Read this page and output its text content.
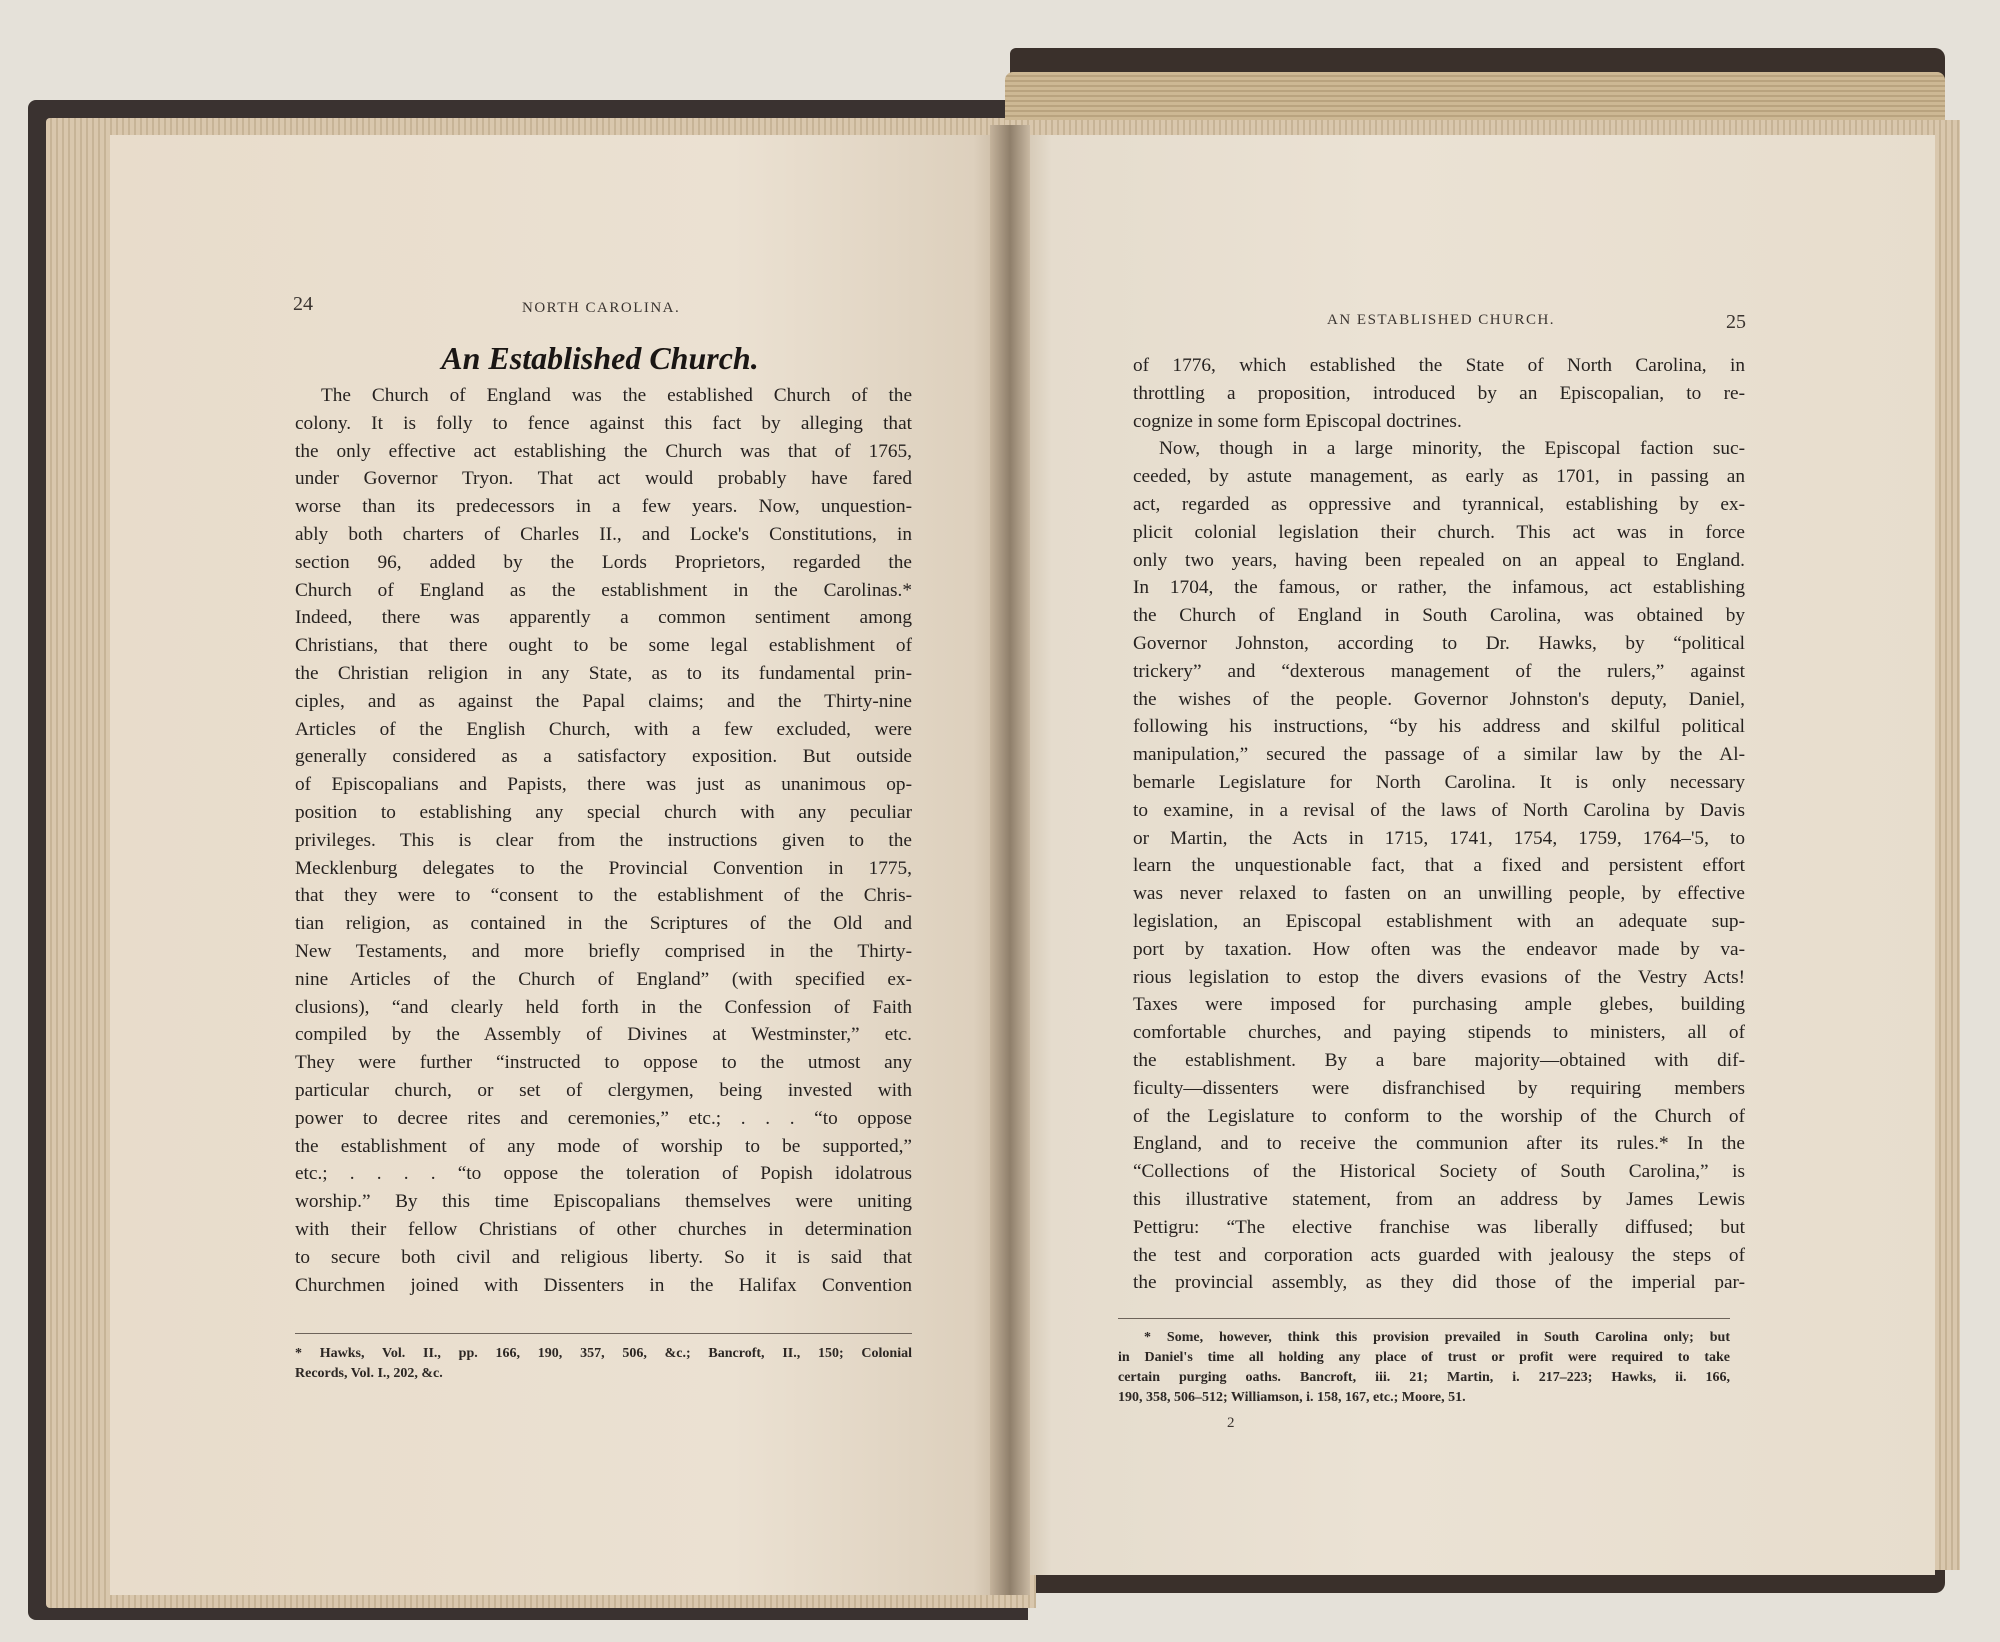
24	NORTH CAROLINA.
An Established Church.
The Church of England was the established Church of the
colony. It is folly to fence against this fact by alleging that
the only effective act establishing the Church was that of 1765,
under Governor Tryon. That act would probably have fared
worse than its predecessors in a few years. Now, unquestion-
ably both charters of Charles II., and Locke's Constitutions, in
section 96, added by the Lords Proprietors, regarded the
Church of England as the establishment in the Carolinas.*
Indeed, there was apparently a common sentiment among
Christians, that there ought to be some legal establishment of
the Christian religion in any State, as to its fundamental prin-
ciples, and as against the Papal claims; and the Thirty-nine
Articles of the English Church, with a few excluded, were
generally considered as a satisfactory exposition. But outside
of Episcopalians and Papists, there was just as unanimous op-
position to establishing any special church with any peculiar
privileges. This is clear from the instructions given to the
Mecklenburg delegates to the Provincial Convention in 1775,
that they were to “consent to the establishment of the Chris-
tian religion, as contained in the Scriptures of the Old and
New Testaments, and more briefly comprised in the Thirty-
nine Articles of the Church of England” (with specified ex-
clusions), “and clearly held forth in the Confession of Faith
compiled by the Assembly of Divines at Westminster,” etc.
They were further “instructed to oppose to the utmost any
particular church, or set of clergymen, being invested with
power to decree rites and ceremonies,” etc.; . . . “to oppose
the establishment of any mode of worship to be supported,”
etc.; . . . . “to oppose the toleration of Popish idolatrous
worship.” By this time Episcopalians themselves were uniting
with their fellow Christians of other churches in determination
to secure both civil and religious liberty. So it is said that
Churchmen joined with Dissenters in the Halifax Convention
* Hawks, Vol. II., pp. 166, 190, 357, 506, &c.; Bancroft, II., 150; Colonial
Records, Vol. I., 202, &c.
AN ESTABLISHED CHURCH.	25
of 1776, which established the State of North Carolina, in
throttling a proposition, introduced by an Episcopalian, to re-
cognize in some form Episcopal doctrines.
Now, though in a large minority, the Episcopal faction suc-
ceeded, by astute management, as early as 1701, in passing an
act, regarded as oppressive and tyrannical, establishing by ex-
plicit colonial legislation their church. This act was in force
only two years, having been repealed on an appeal to England.
In 1704, the famous, or rather, the infamous, act establishing
the Church of England in South Carolina, was obtained by
Governor Johnston, according to Dr. Hawks, by “political
trickery” and “dexterous management of the rulers,” against
the wishes of the people. Governor Johnston's deputy, Daniel,
following his instructions, “by his address and skilful political
manipulation,” secured the passage of a similar law by the Al-
bemarle Legislature for North Carolina. It is only necessary
to examine, in a revisal of the laws of North Carolina by Davis
or Martin, the Acts in 1715, 1741, 1754, 1759, 1764–'5, to
learn the unquestionable fact, that a fixed and persistent effort
was never relaxed to fasten on an unwilling people, by effective
legislation, an Episcopal establishment with an adequate sup-
port by taxation. How often was the endeavor made by va-
rious legislation to estop the divers evasions of the Vestry Acts!
Taxes were imposed for purchasing ample glebes, building
comfortable churches, and paying stipends to ministers, all of
the establishment. By a bare majority—obtained with dif-
ficulty—dissenters were disfranchised by requiring members
of the Legislature to conform to the worship of the Church of
England, and to receive the communion after its rules.* In the
“Collections of the Historical Society of South Carolina,” is
this illustrative statement, from an address by James Lewis
Pettigru: “The elective franchise was liberally diffused; but
the test and corporation acts guarded with jealousy the steps of
the provincial assembly, as they did those of the imperial par-
* Some, however, think this provision prevailed in South Carolina only; but
in Daniel's time all holding any place of trust or profit were required to take
certain purging oaths. Bancroft, iii. 21; Martin, i. 217–223; Hawks, ii. 166,
190, 358, 506–512; Williamson, i. 158, 167, etc.; Moore, 51.
2
